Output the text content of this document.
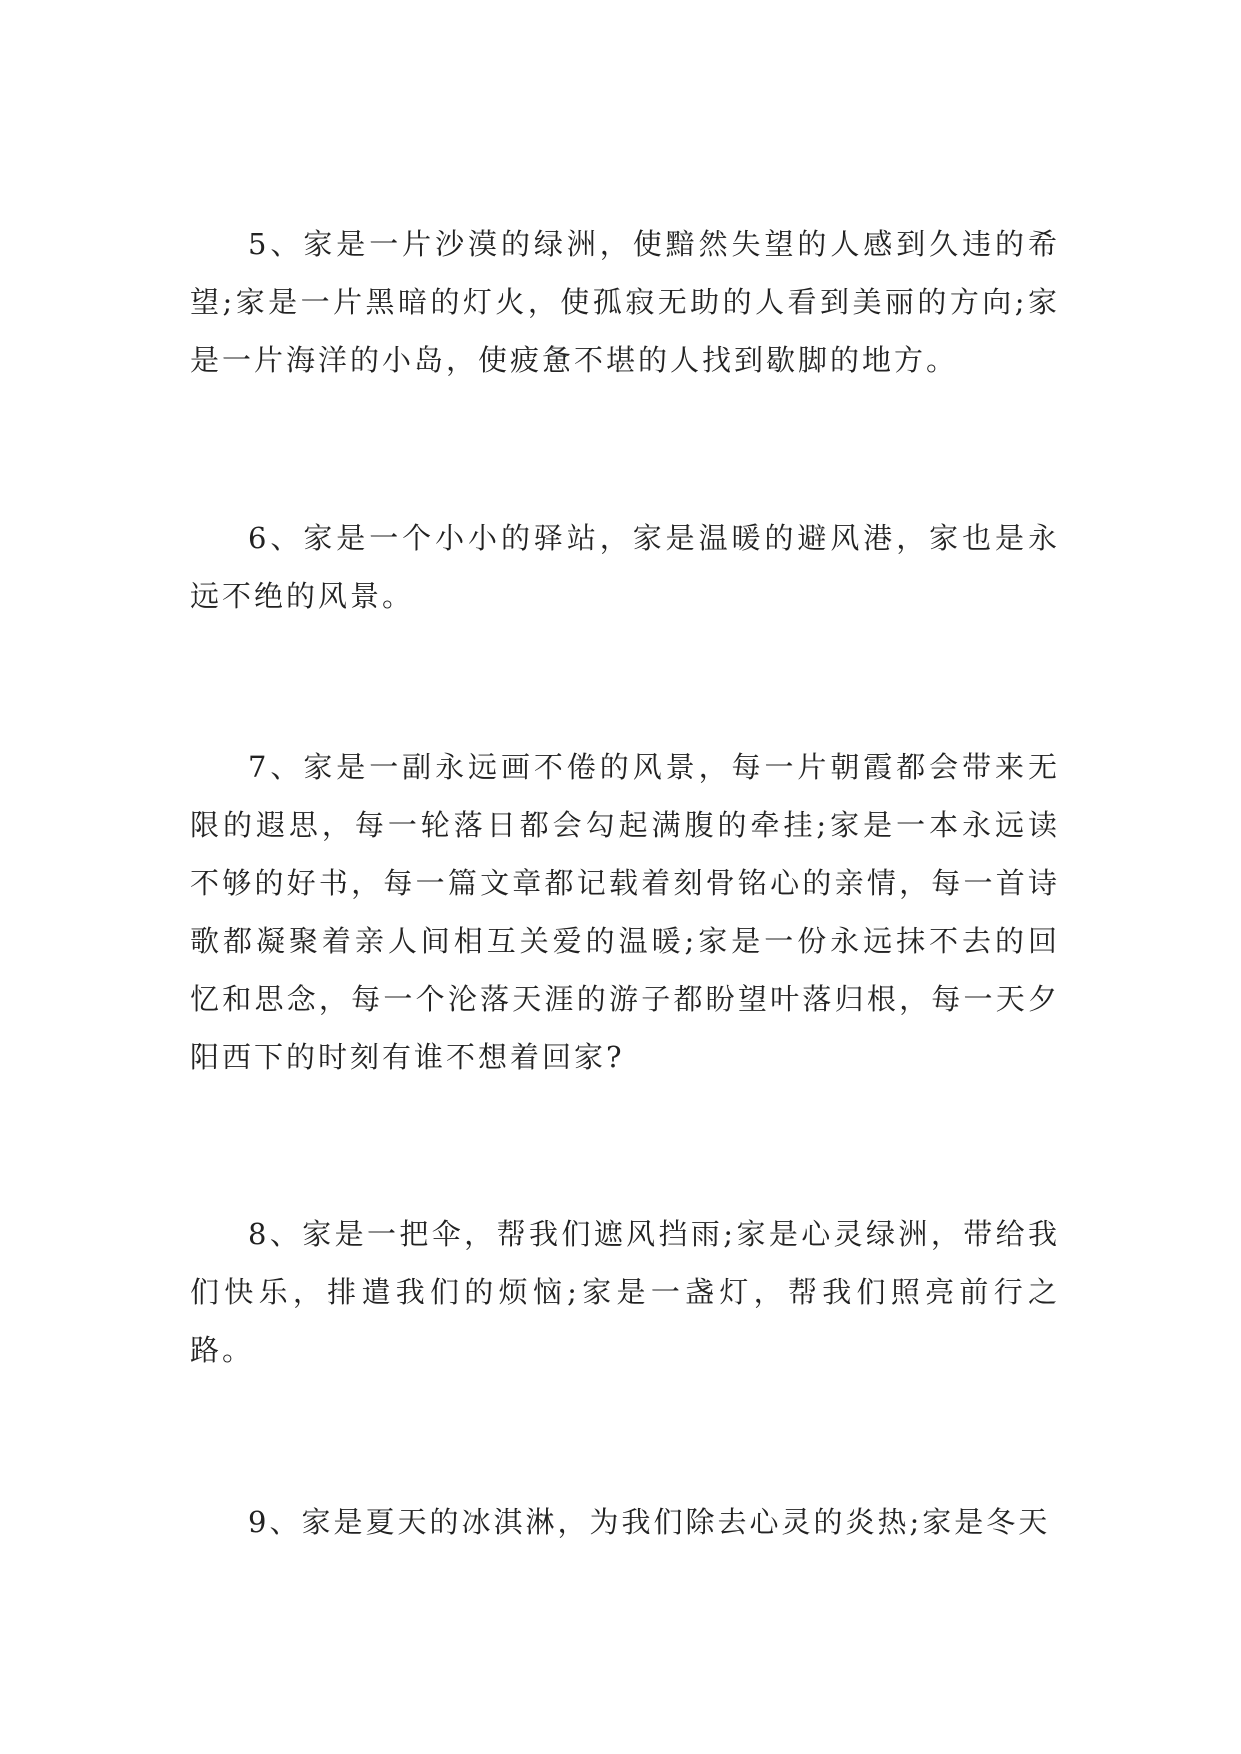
5、家是一片沙漠的绿洲，使黯然失望的人感到久违的希望;家是一片黑暗的灯火，使孤寂无助的人看到美丽的方向;家是一片海洋的小岛，使疲惫不堪的人找到歇脚的地方。

6、家是一个小小的驿站，家是温暖的避风港，家也是永远不绝的风景。

7、家是一副永远画不倦的风景，每一片朝霞都会带来无限的遐思，每一轮落日都会勾起满腹的牵挂;家是一本永远读不够的好书，每一篇文章都记载着刻骨铭心的亲情，每一首诗歌都凝聚着亲人间相互关爱的温暖;家是一份永远抹不去的回忆和思念，每一个沦落天涯的游子都盼望叶落归根，每一天夕阳西下的时刻有谁不想着回家?

8、家是一把伞，帮我们遮风挡雨;家是心灵绿洲，带给我们快乐，排遣我们的烦恼;家是一盏灯，帮我们照亮前行之路。

9、家是夏天的冰淇淋，为我们除去心灵的炎热;家是冬天
